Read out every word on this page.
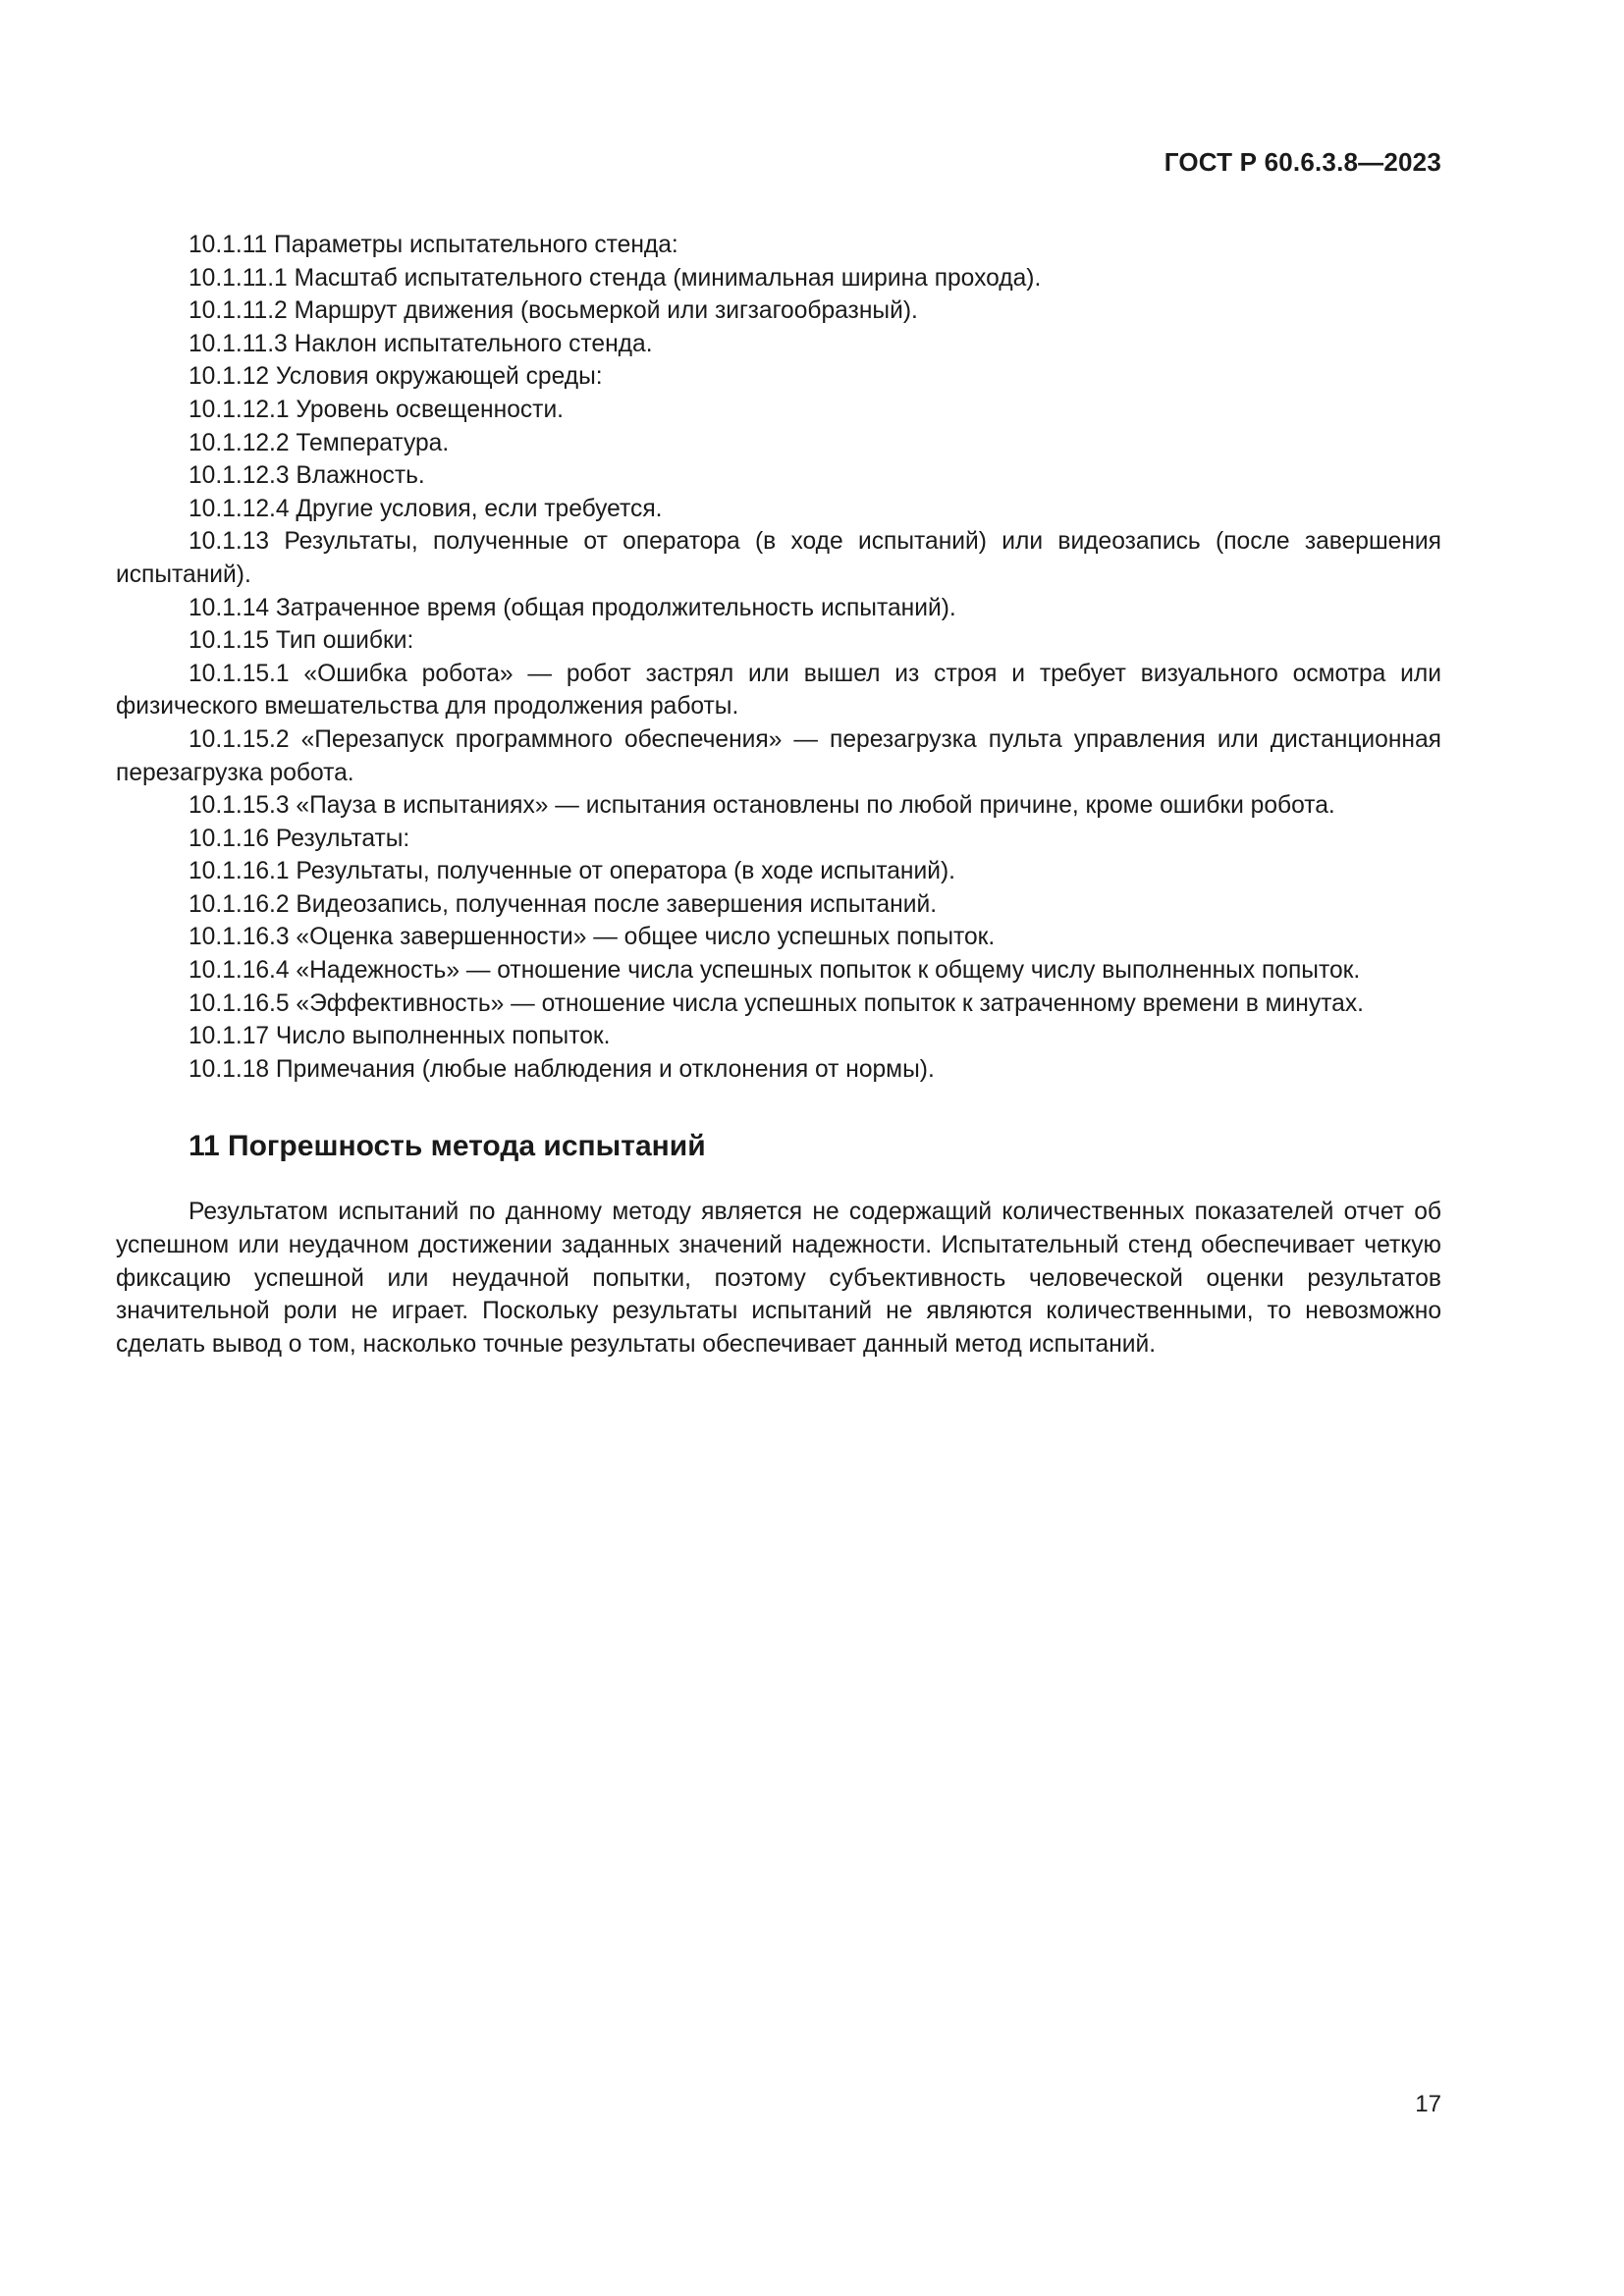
ГОСТ Р 60.6.3.8—2023

10.1.11 Параметры испытательного стенда:

10.1.11.1 Масштаб испытательного стенда (минимальная ширина прохода).

10.1.11.2 Маршрут движения (восьмеркой или зигзагообразный).

10.1.11.3 Наклон испытательного стенда.

10.1.12 Условия окружающей среды:

10.1.12.1 Уровень освещенности.

10.1.12.2 Температура.

10.1.12.3 Влажность.

10.1.12.4 Другие условия, если требуется.

10.1.13 Результаты, полученные от оператора (в ходе испытаний) или видеозапись (после завершения испытаний).

10.1.14 Затраченное время (общая продолжительность испытаний).

10.1.15 Тип ошибки:

10.1.15.1 «Ошибка робота» — робот застрял или вышел из строя и требует визуального осмотра или физического вмешательства для продолжения работы.

10.1.15.2 «Перезапуск программного обеспечения» — перезагрузка пульта управления или дистанционная перезагрузка робота.

10.1.15.3 «Пауза в испытаниях» — испытания остановлены по любой причине, кроме ошибки робота.

10.1.16 Результаты:

10.1.16.1 Результаты, полученные от оператора (в ходе испытаний).

10.1.16.2 Видеозапись, полученная после завершения испытаний.

10.1.16.3 «Оценка завершенности» — общее число успешных попыток.

10.1.16.4 «Надежность» — отношение числа успешных попыток к общему числу выполненных попыток.

10.1.16.5 «Эффективность» — отношение числа успешных попыток к затраченному времени в минутах.

10.1.17 Число выполненных попыток.

10.1.18 Примечания (любые наблюдения и отклонения от нормы).

11 Погрешность метода испытаний

Результатом испытаний по данному методу является не содержащий количественных показателей отчет об успешном или неудачном достижении заданных значений надежности. Испытательный стенд обеспечивает четкую фиксацию успешной или неудачной попытки, поэтому субъективность человеческой оценки результатов значительной роли не играет. Поскольку результаты испытаний не являются количественными, то невозможно сделать вывод о том, насколько точные результаты обеспечивает данный метод испытаний.

17
